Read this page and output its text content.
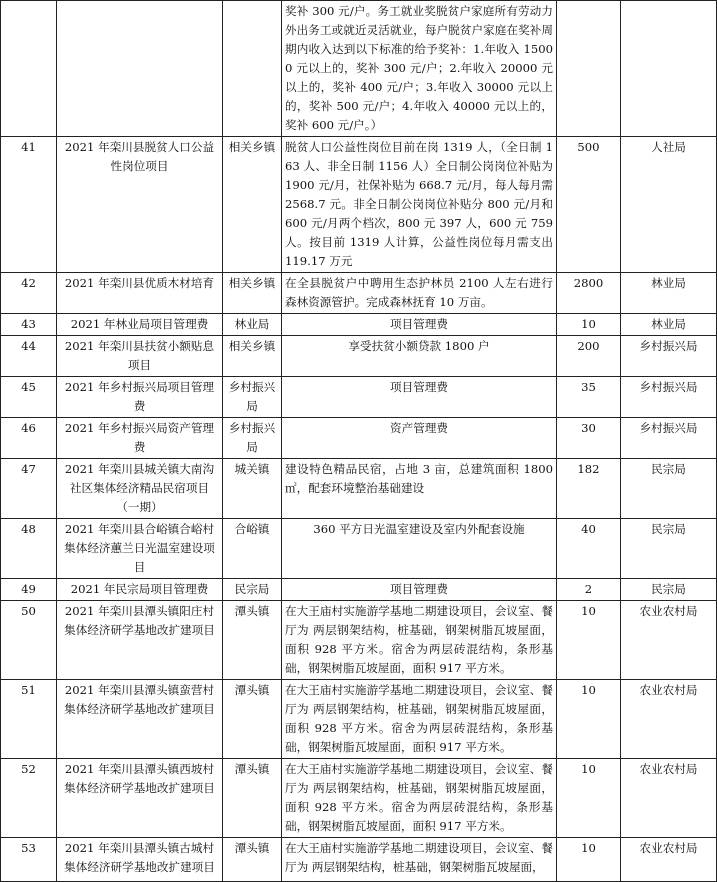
			奖补 300 元/户。务工就业奖脱贫户家庭所有劳动力外出务工或就近灵活就业，每户脱贫户家庭在奖补周期内收入达到以下标准的给予奖补：1.年收入 15000 元以上的，奖补 300 元/户；2.年收入 20000 元以上的，奖补 400 元/户；3.年收入 30000 元以上的，奖补 500 元/户；4.年收入 40000 元以上的，奖补 600 元/户。）		
41	2021 年栾川县脱贫人口公益性岗位项目	相关乡镇	脱贫人口公益性岗位目前在岗 1319 人，（全日制 163 人、非全日制 1156 人）全日制公岗岗位补贴为 1900 元/月，社保补贴为 668.7 元/月，每人每月需 2568.7 元。非全日制公岗岗位补贴分 800 元/月和 600 元/月两个档次，800 元 397 人，600 元 759 人。按目前 1319 人计算，公益性岗位每月需支出 119.17 万元	500	人社局
42	2021 年栾川县优质木材培育	相关乡镇	在全县脱贫户中聘用生态护林员 2100 人左右进行森林资源管护。完成森林抚育 10 万亩。	2800	林业局
43	2021 年林业局项目管理费	林业局	项目管理费	10	林业局
44	2021 年栾川县扶贫小额贴息项目	相关乡镇	享受扶贫小额贷款 1800 户	200	乡村振兴局
45	2021 年乡村振兴局项目管理费	乡村振兴局	项目管理费	35	乡村振兴局
46	2021 年乡村振兴局资产管理费	乡村振兴局	资产管理费	30	乡村振兴局
47	2021 年栾川县城关镇大南沟社区集体经济精品民宿项目（一期）	城关镇	建设特色精品民宿，占地 3 亩，总建筑面积 1800 ㎡，配套环境整治基础建设	182	民宗局
48	2021 年栾川县合峪镇合峪村集体经济蕙兰日光温室建设项目	合峪镇	360 平方日光温室建设及室内外配套设施	40	民宗局
49	2021 年民宗局项目管理费	民宗局	项目管理费	2	民宗局
50	2021 年栾川县潭头镇阳庄村集体经济研学基地改扩建项目	潭头镇	在大王庙村实施游学基地二期建设项目，会议室、餐厅为 两层钢架结构，桩基础，钢架树脂瓦坡屋面，面积 928 平方米。宿舍为两层砖混结构，条形基础，钢架树脂瓦坡屋面，面积 917 平方米。	10	农业农村局
51	2021 年栾川县潭头镇蛮营村集体经济研学基地改扩建项目	潭头镇	在大王庙村实施游学基地二期建设项目，会议室、餐厅为 两层钢架结构，桩基础，钢架树脂瓦坡屋面，面积 928 平方米。宿舍为两层砖混结构，条形基础，钢架树脂瓦坡屋面，面积 917 平方米。	10	农业农村局
52	2021 年栾川县潭头镇西坡村集体经济研学基地改扩建项目	潭头镇	在大王庙村实施游学基地二期建设项目，会议室、餐厅为 两层钢架结构，桩基础，钢架树脂瓦坡屋面，面积 928 平方米。宿舍为两层砖混结构，条形基础，钢架树脂瓦坡屋面，面积 917 平方米。	10	农业农村局
53	2021 年栾川县潭头镇古城村集体经济研学基地改扩建项目	潭头镇	在大王庙村实施游学基地二期建设项目，会议室、餐厅为 两层钢架结构，桩基础，钢架树脂瓦坡屋面，	10	农业农村局
